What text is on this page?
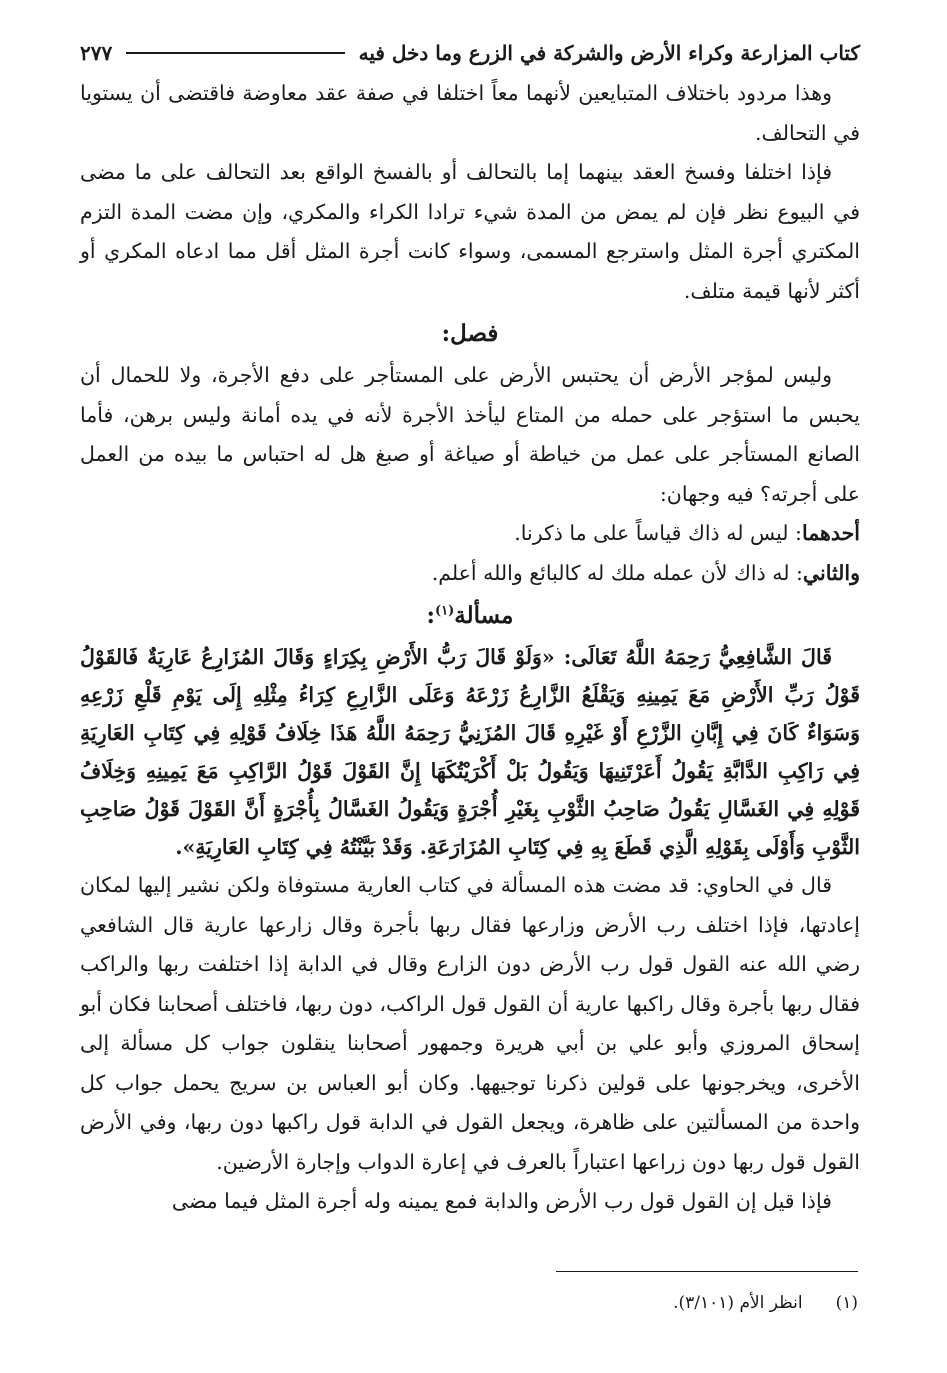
كتاب المزارعة وكراء الأرض والشركة في الزرع وما دخل فيه
٢٧٧

وهذا مردود باختلاف المتبايعين لأنهما معاً اختلفا في صفة عقد معاوضة فاقتضى أن يستويا في التحالف.

فإذا اختلفا وفسخ العقد بينهما إما بالتحالف أو بالفسخ الواقع بعد التحالف على ما مضى في البيوع نظر فإن لم يمض من المدة شيء ترادا الكراء والمكري، وإن مضت المدة التزم المكتري أجرة المثل واسترجع المسمى، وسواء كانت أجرة المثل أقل مما ادعاه المكري أو أكثر لأنها قيمة متلف.

فصل:

وليس لمؤجر الأرض أن يحتبس الأرض على المستأجر على دفع الأجرة، ولا للحمال أن يحبس ما استؤجر على حمله من المتاع ليأخذ الأجرة لأنه في يده أمانة وليس برهن، فأما الصانع المستأجر على عمل من خياطة أو صياغة أو صبغ هل له احتباس ما بيده من العمل على أجرته؟ فيه وجهان:

أحدهما: ليس له ذاك قياساً على ما ذكرنا.

والثاني: له ذاك لأن عمله ملك له كالبائع والله أعلم.

مسألة$^{(١)}$:

قَالَ الشَّافِعِيُّ رَحِمَهُ اللَّهُ تَعَالَى: «وَلَوْ قَالَ رَبُّ الأَرْضِ بِكِرَاءٍ وَقَالَ المُزَارِعُ عَارِيَةٌ فَالقَوْلُ قَوْلُ رَبِّ الأَرْضِ مَعَ يَمِينِهِ وَيَقْلَعُ الزَّارِعُ زَرْعَهُ وَعَلَى الزَّارِعِ كِرَاءُ مِثْلِهِ إِلَى يَوْمِ قَلْعِ زَرْعِهِ وَسَوَاءٌ كَانَ فِي إِبَّانِ الزَّرْعِ أَوْ غَيْرِهِ قَالَ المُزَنِيُّ رَحِمَهُ اللَّهُ هَذَا خِلَافُ قَوْلِهِ فِي كِتَابِ العَارِيَةِ فِي رَاكِبِ الدَّابَّةِ يَقُولُ أَعَرْتَنِيهَا وَيَقُولُ بَلْ أَكْرَيْتُكَهَا إِنَّ القَوْلَ قَوْلُ الرَّاكِبِ مَعَ يَمِينِهِ وَخِلَافُ قَوْلِهِ فِي الغَسَّالِ يَقُولُ صَاحِبُ الثَّوْبِ بِغَيْرِ أُجْرَةٍ وَيَقُولُ الغَسَّالُ بِأُجْرَةٍ أَنَّ القَوْلَ قَوْلُ صَاحِبِ الثَّوْبِ وَأَوْلَى بِقَوْلِهِ الَّذِي قَطَعَ بِهِ فِي كِتَابِ المُزَارَعَةِ. وَقَدْ بَيَّنْتُهُ فِي كِتَابِ العَارِيَةِ».

قال في الحاوي: قد مضت هذه المسألة في كتاب العارية مستوفاة ولكن نشير إليها لمكان إعادتها، فإذا اختلف رب الأرض وزارعها فقال ربها بأجرة وقال زارعها عارية قال الشافعي رضي الله عنه القول قول رب الأرض دون الزارع وقال في الدابة إذا اختلفت ربها والراكب فقال ربها بأجرة وقال راكبها عارية أن القول قول الراكب، دون ربها، فاختلف أصحابنا فكان أبو إسحاق المروزي وأبو علي بن أبي هريرة وجمهور أصحابنا ينقلون جواب كل مسألة إلى الأخرى، ويخرجونها على قولين ذكرنا توجيهها. وكان أبو العباس بن سريج يحمل جواب كل واحدة من المسألتين على ظاهرة، ويجعل القول في الدابة قول راكبها دون ربها، وفي الأرض القول قول ربها دون زراعها اعتباراً بالعرف في إعارة الدواب وإجارة الأرضين.

فإذا قيل إن القول قول رب الأرض والدابة فمع يمينه وله أجرة المثل فيما مضى

(١) انظر الأم (٣/١٠١).
